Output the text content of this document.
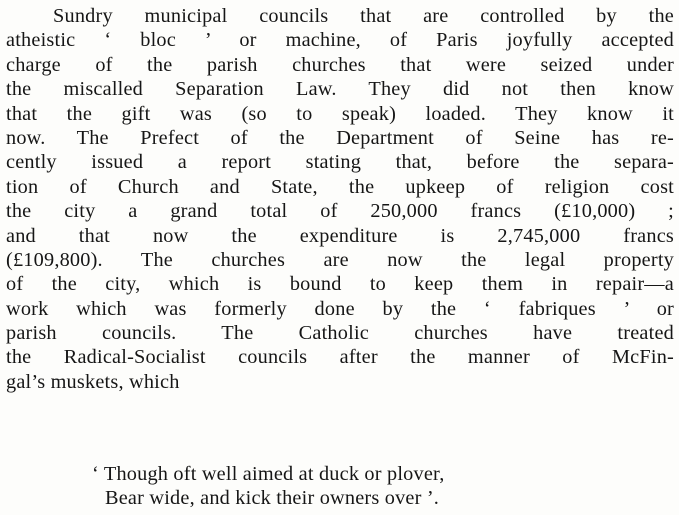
Sundry municipal councils that are controlled by the
atheistic ‘ bloc ’ or machine, of Paris joyfully accepted
charge of the parish churches that were seized under
the miscalled Separation Law. They did not then know
that the gift was (so to speak) loaded. They know it
now. The Prefect of the Department of Seine has re-
cently issued a report stating that, before the separa-
tion of Church and State, the upkeep of religion cost
the city a grand total of 250,000 francs (£10,000) ;
and that now the expenditure is 2,745,000 francs
(£109,800). The churches are now the legal property
of the city, which is bound to keep them in repair—a
work which was formerly done by the ‘ fabriques ’ or
parish councils. The Catholic churches have treated
the Radical-Socialist councils after the manner of McFin-
gal’s muskets, which

‘ Though oft well aimed at duck or plover,
Bear wide, and kick their owners over ’.
